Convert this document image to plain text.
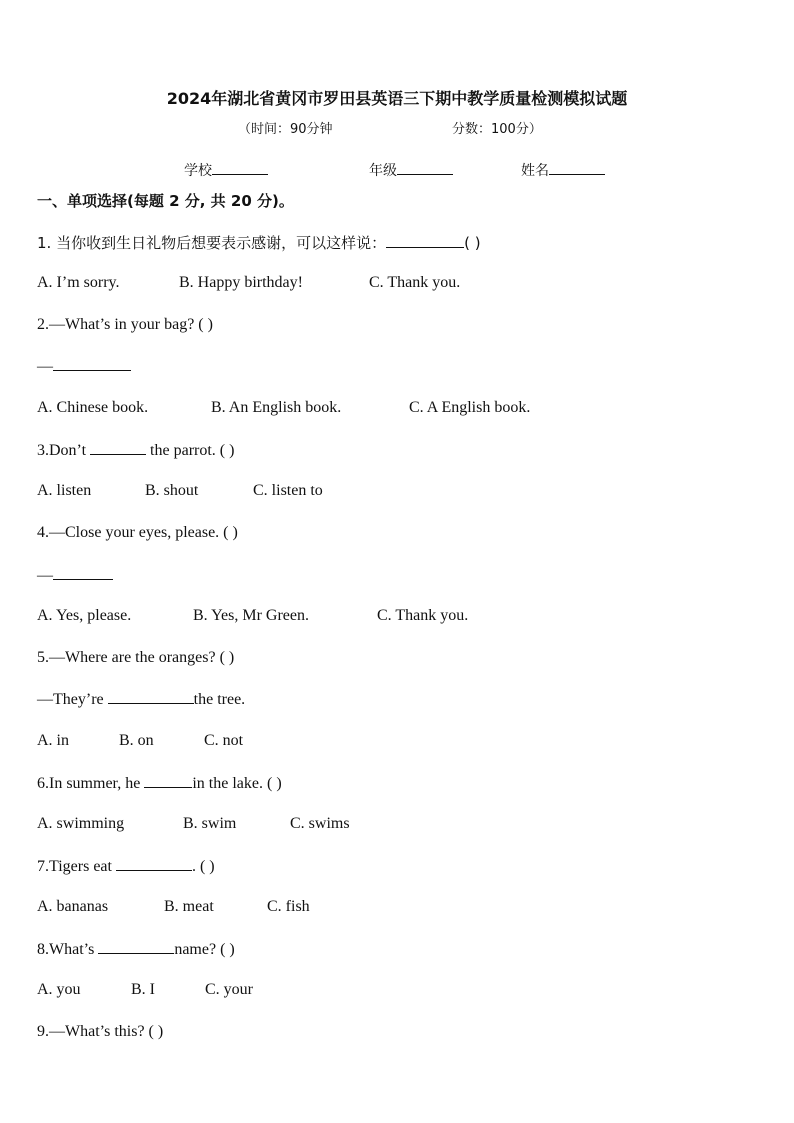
2024年湖北省黄冈市罗田县英语三下期中教学质量检测模拟试题
（时间：90分钟	分数：100分）
学校	年级	姓名
一、单项选择(每题 2 分, 共 20 分)。
1. 当你收到生日礼物后想要表示感谢，可以这样说：	( )
A. I’m sorry.	B. Happy birthday!	C. Thank you.
2.—What’s in your bag? ( )
—
A. Chinese book.	B. An English book.	C. A English book.
3.Don’t	the parrot. ( )
A. listen	B. shout	C. listen to
4.—Close your eyes, please. ( )
—
A. Yes, please.	B. Yes, Mr Green.	C. Thank you.
5.—Where are the oranges? ( )
—They’re	the tree.
A. in	B. on	C. not
6.In summer, he	in the lake. ( )
A. swimming	B. swim	C. swims
7.Tigers eat	. ( )
A. bananas	B. meat	C. fish
8.What’s	name? ( )
A. you	B. I	C. your
9.—What’s this? ( )
